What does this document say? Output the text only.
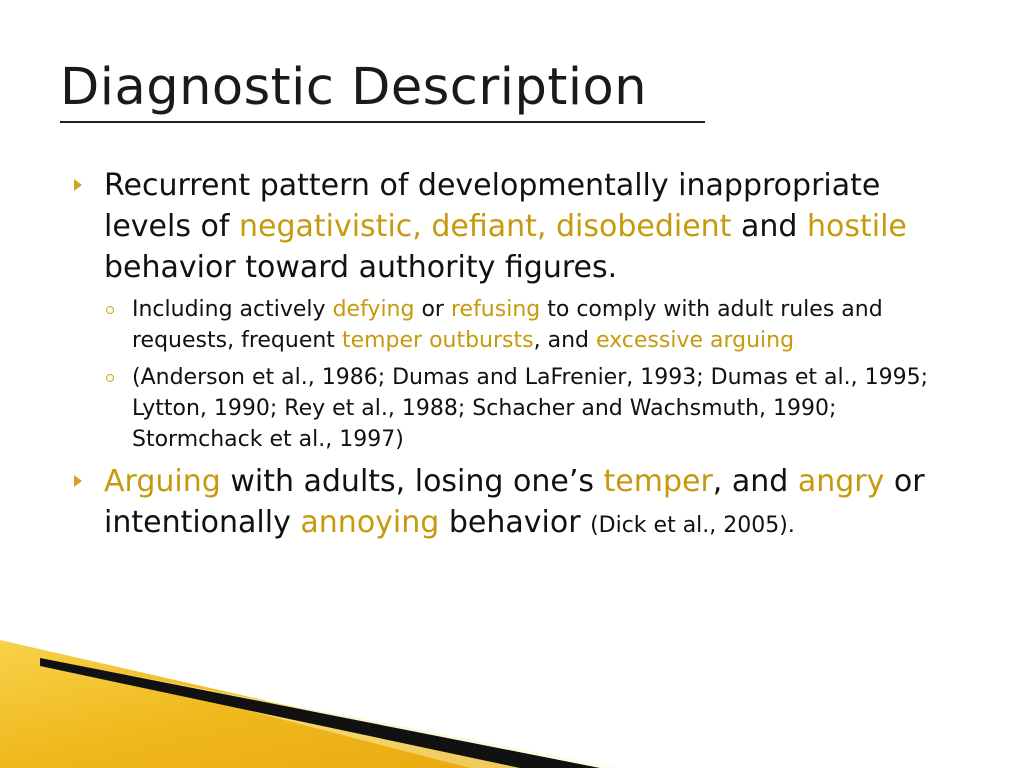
Diagnostic Description
Recurrent pattern of developmentally inappropriate levels of negativistic, defiant, disobedient and hostile behavior toward authority figures.
Including actively defying or refusing to comply with adult rules and requests, frequent temper outbursts, and excessive arguing
(Anderson et al., 1986; Dumas and LaFrenier, 1993; Dumas et al., 1995; Lytton, 1990; Rey et al., 1988; Schacher and Wachsmuth, 1990; Stormchack et al., 1997)
Arguing with adults, losing one’s temper, and angry or intentionally annoying behavior (Dick et al., 2005).
